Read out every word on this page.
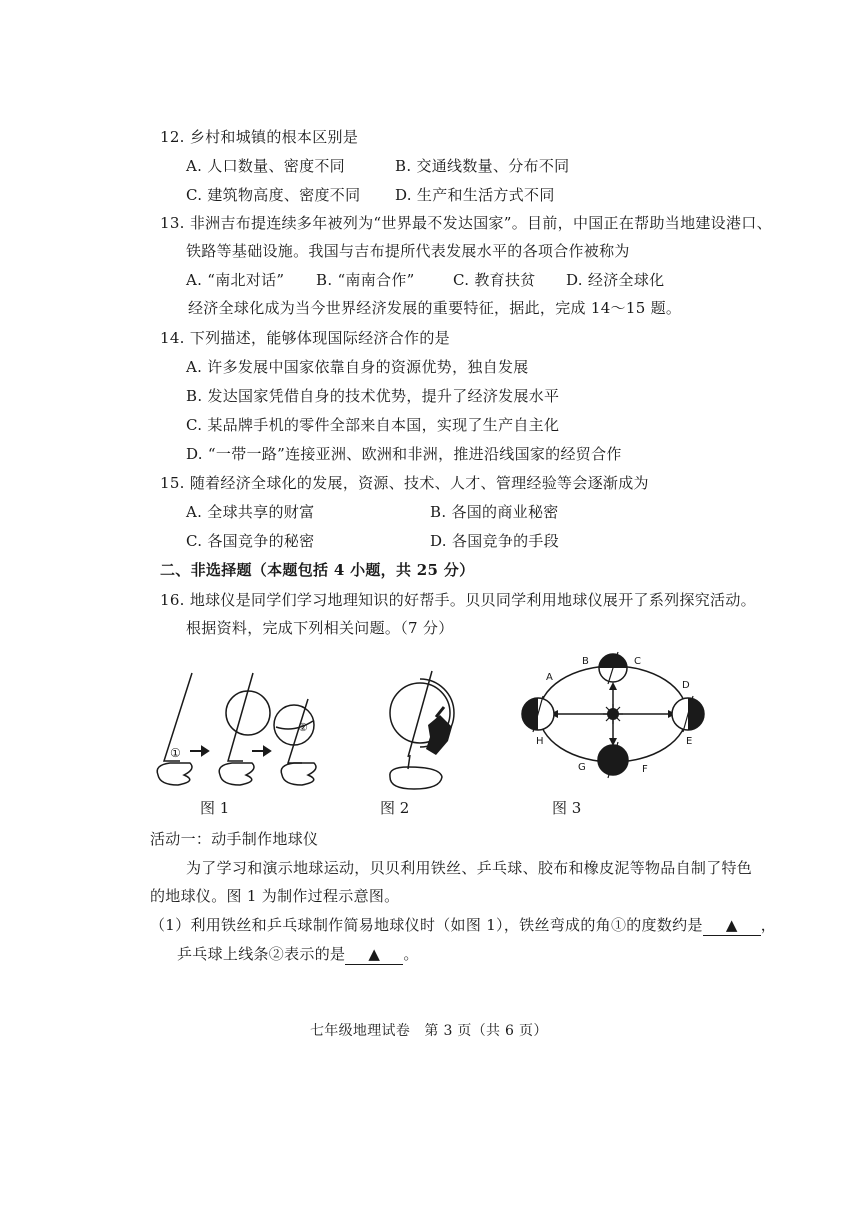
12. 乡村和城镇的根本区别是
A. 人口数量、密度不同	B. 交通线数量、分布不同
C. 建筑物高度、密度不同 D. 生产和生活方式不同
13. 非洲吉布提连续多年被列为“世界最不发达国家”。目前，中国正在帮助当地建设港口、
铁路等基础设施。我国与吉布提所代表发展水平的各项合作被称为
A. “南北对话” B. “南南合作”	C. 教育扶贫 D. 经济全球化
经济全球化成为当今世界经济发展的重要特征，据此，完成 14～15 题。
14. 下列描述，能够体现国际经济合作的是
A. 许多发展中国家依靠自身的资源优势，独自发展
B. 发达国家凭借自身的技术优势，提升了经济发展水平
C. 某品牌手机的零件全部来自本国，实现了生产自主化
D. “一带一路”连接亚洲、欧洲和非洲，推进沿线国家的经贸合作
15. 随着经济全球化的发展，资源、技术、人才、管理经验等会逐渐成为
A. 全球共享的财富	B. 各国的商业秘密
C. 各国竞争的秘密	D. 各国竞争的手段
二、非选择题（本题包括 4 小题，共 25 分）
16. 地球仪是同学们学习地理知识的好帮手。贝贝同学利用地球仪展开了系列探究活动。
根据资料，完成下列相关问题。（7 分）
①
②
A
B	C
D
E
F
G
H
图 1	图 2	图 3
活动一：动手制作地球仪
为了学习和演示地球运动，贝贝利用铁丝、乒乓球、胶布和橡皮泥等物品自制了特色
的地球仪。图 1 为制作过程示意图。
（1）利用铁丝和乒乓球制作简易地球仪时（如图 1），铁丝弯成的角①的度数约是 ▲ ，
乒乓球上线条②表示的是 ▲ 。
七年级地理试卷　第 3 页（共 6 页）
